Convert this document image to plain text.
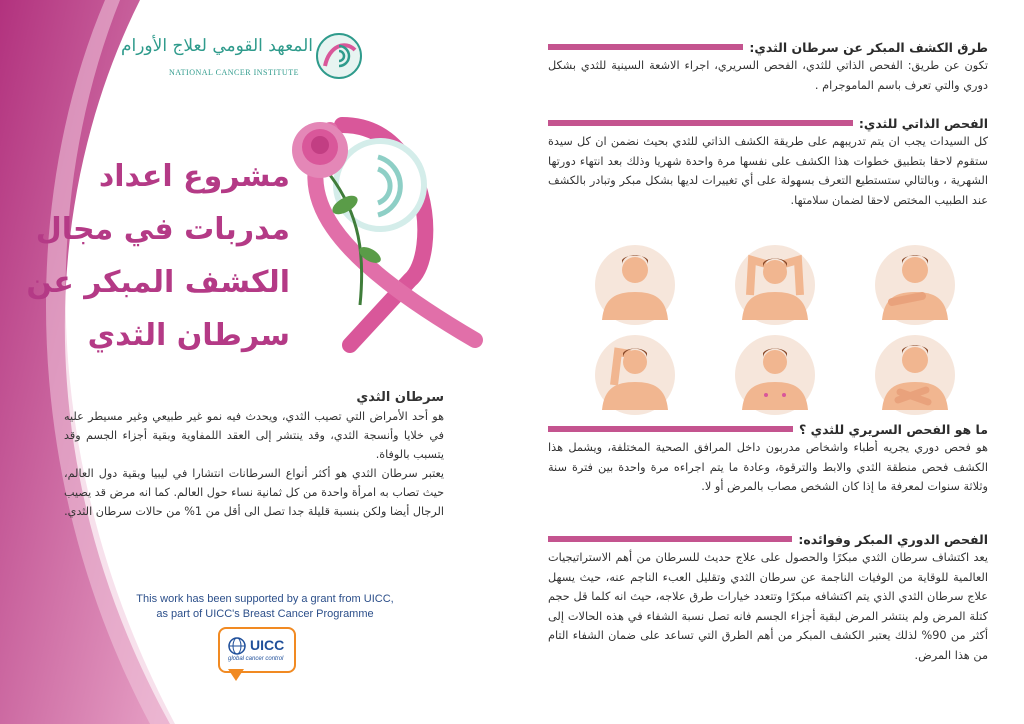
المعهد القومي لعلاج الأورام
NATIONAL CANCER INSTITUTE
مشروع اعداد
مدربات في مجال
الكشف المبكر عن
سرطان الثدي
سرطان الثدي

هو أحد الأمراض التي تصيب الثدي، ويحدث فيه نمو غير طبيعي وغير مسيطر عليه في خلايا وأنسجة الثدي، وقد ينتشر إلى العقد اللمفاوية وبقية أجزاء الجسم وقد يتسبب بالوفاة.

يعتبر سرطان الثدي هو أكثر أنواع السرطانات انتشارا في ليبيا وبقية دول العالم، حيث تصاب به امرأة واحدة من كل ثمانية نساء حول العالم. كما انه مرض قد يصيب الرجال أيضا ولكن بنسبة قليلة جدا تصل الى أقل من 1% من حالات سرطان الثدي.

This work has been supported by a grant from UICC,
as part of UICC's Breast Cancer Programme
UICC
global cancer control
طرق الكشف المبكر عن سرطان الثدي:

تكون عن طريق: الفحص الذاتي للثدي، الفحص السريري، اجراء الاشعة السينية للثدي بشكل دوري والتي تعرف باسم الماموجرام .

الفحص الذاتي للثدي:

كل السيدات يجب ان يتم تدريبهم على طريقة الكشف الذاتي للثدي بحيث نضمن ان كل سيدة ستقوم لاحقا بتطبيق خطوات هذا الكشف على نفسها مرة واحدة شهريا وذلك بعد انتهاء دورتها الشهرية ، وبالتالي ستستطيع التعرف بسهولة على أي تغييرات لديها بشكل مبكر وتبادر بالكشف عند الطبيب المختص لاحقا لضمان سلامتها.

ما هو الفحص السريري للثدي ؟

هو فحص دوري يجريه أطباء واشخاص مدربون داخل المرافق الصحية المختلفة، ويشمل هذا الكشف فحص منطقة الثدي والابط والترقوة، وعادة ما يتم اجراءه مرة واحدة بين فترة سنة وثلاثة سنوات لمعرفة ما إذا كان الشخص مصاب بالمرض أو لا.

الفحص الدوري المبكر وفوائده:

يعد اكتشاف سرطان الثدي مبكرًا والحصول على علاج حديث للسرطان من أهم الاستراتيجيات العالمية للوقاية من الوفيات الناجمة عن سرطان الثدي وتقليل العبء الناجم عنه، حيث يسهل علاج سرطان الثدي الذي يتم اكتشافه مبكرًا وتتعدد خيارات طرق علاجه، حيث انه كلما قل حجم كتلة المرض ولم ينتشر المرض لبقية أجزاء الجسم فانه تصل نسبة الشفاء في هذه الحالات إلى أكثر من 90% لذلك يعتبر الكشف المبكر من أهم الطرق التي تساعد على ضمان الشفاء التام من هذا المرض.
